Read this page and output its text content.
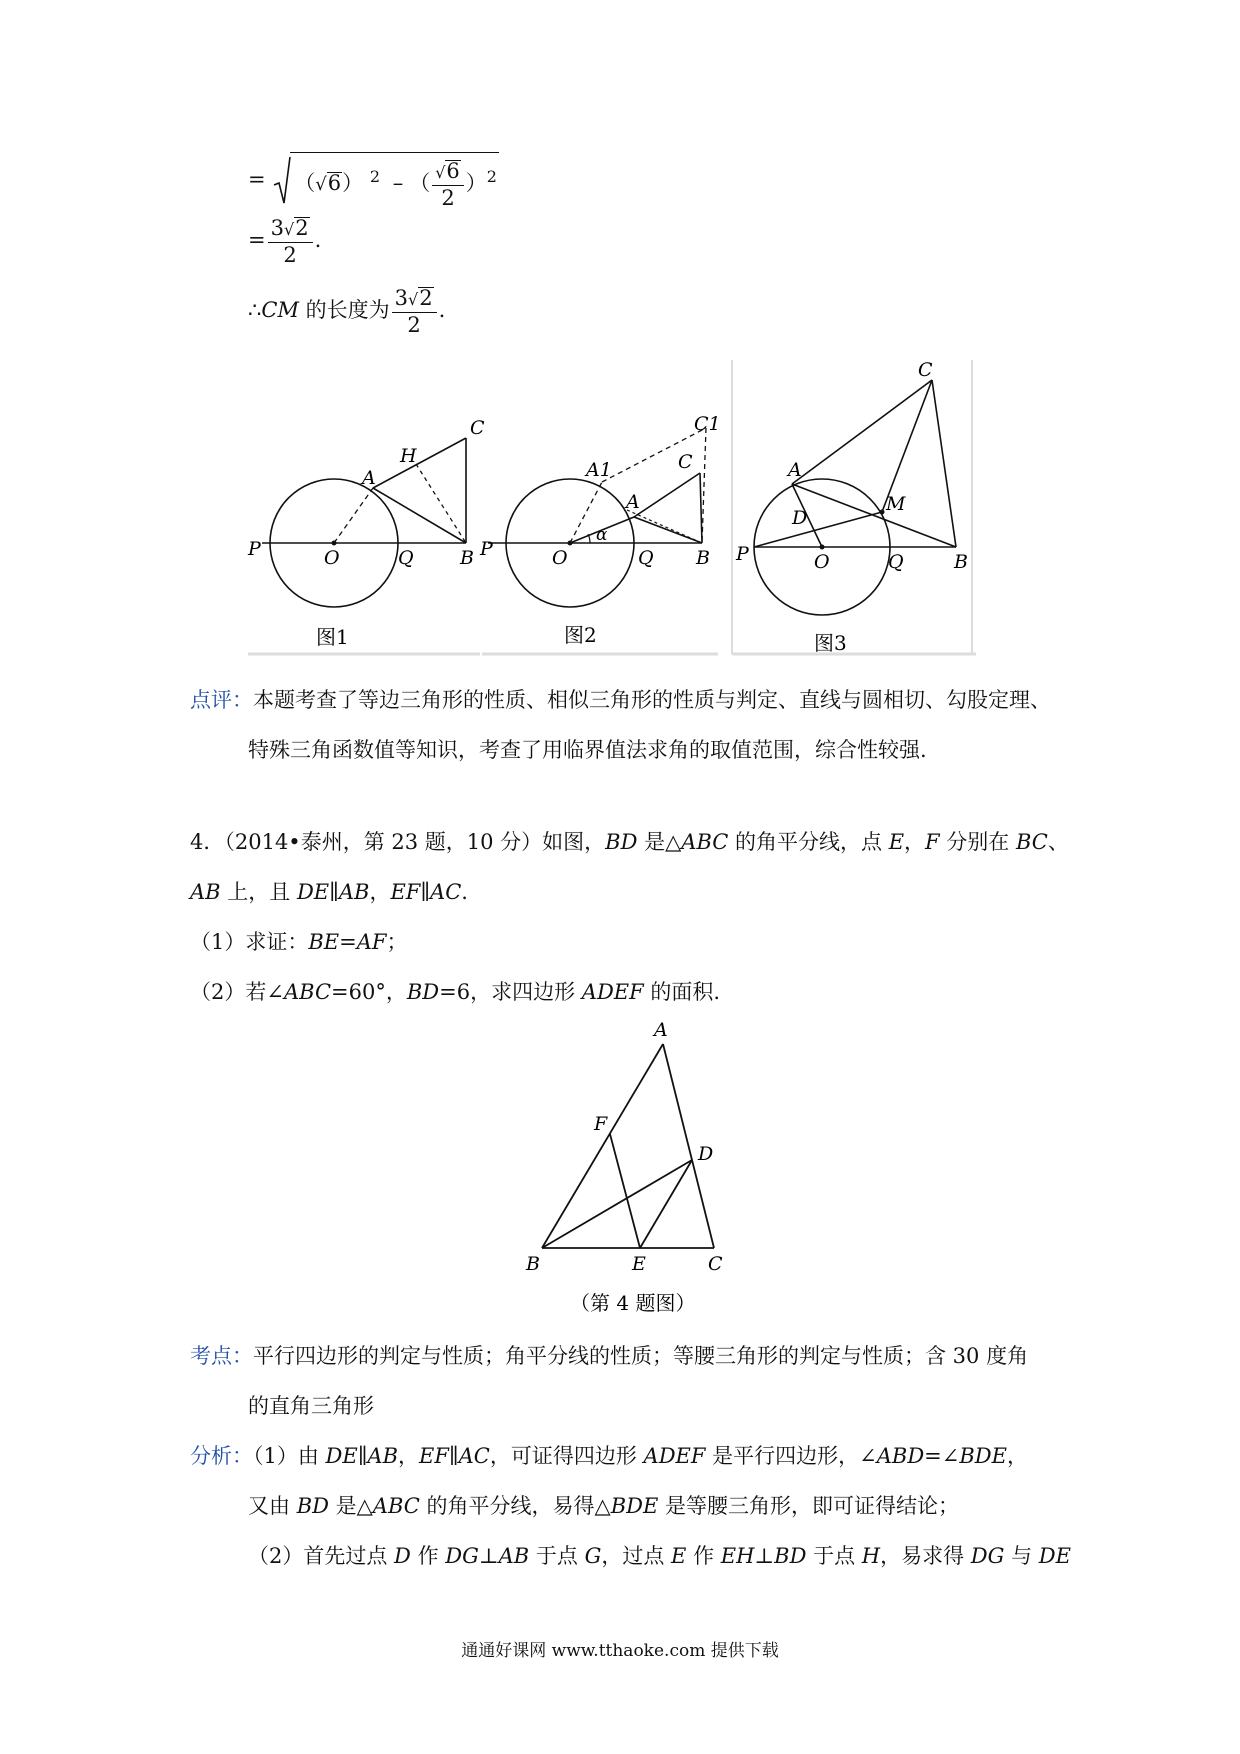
= （√6） $^2$ – （ $\frac{√6}{2} )^2$
= $\frac{3√2}{2}$ .
∴CM 的长度为 $\frac{3√2}{2}$ .
P	O	Q B
A
H
C
图1
P	O	Q B
A
A1	C
C1
α
图2
P	O	Q	B
A
D
M
C
图3
点评：本题考查了等边三角形的性质、相似三角形的性质与判定、直线与圆相切、勾股定理、
特殊三角函数值等知识，考查了用临界值法求角的取值范围，综合性较强.
4．（2014•泰州，第 23 题，10 分）如图，BD 是△ABC 的角平分线，点 E，F 分别在 BC、
AB 上，且 DE∥AB，EF∥AC.
（1）求证：BE=AF；
（2）若∠ABC=60°，BD=6，求四边形 ADEF 的面积.
A
F
D
B	E	C
（第 4 题图）
考点：平行四边形的判定与性质；角平分线的性质；等腰三角形的判定与性质；含 30 度角
的直角三角形
分析：（1）由 DE∥AB，EF∥AC，可证得四边形 ADEF 是平行四边形，∠ABD=∠BDE，
又由 BD 是△ABC 的角平分线，易得△BDE 是等腰三角形，即可证得结论；
（2）首先过点 D 作 DG⊥AB 于点 G，过点 E 作 EH⊥BD 于点 H，易求得 DG 与 DE
通通好课网 www.tthaoke.com 提供下载
